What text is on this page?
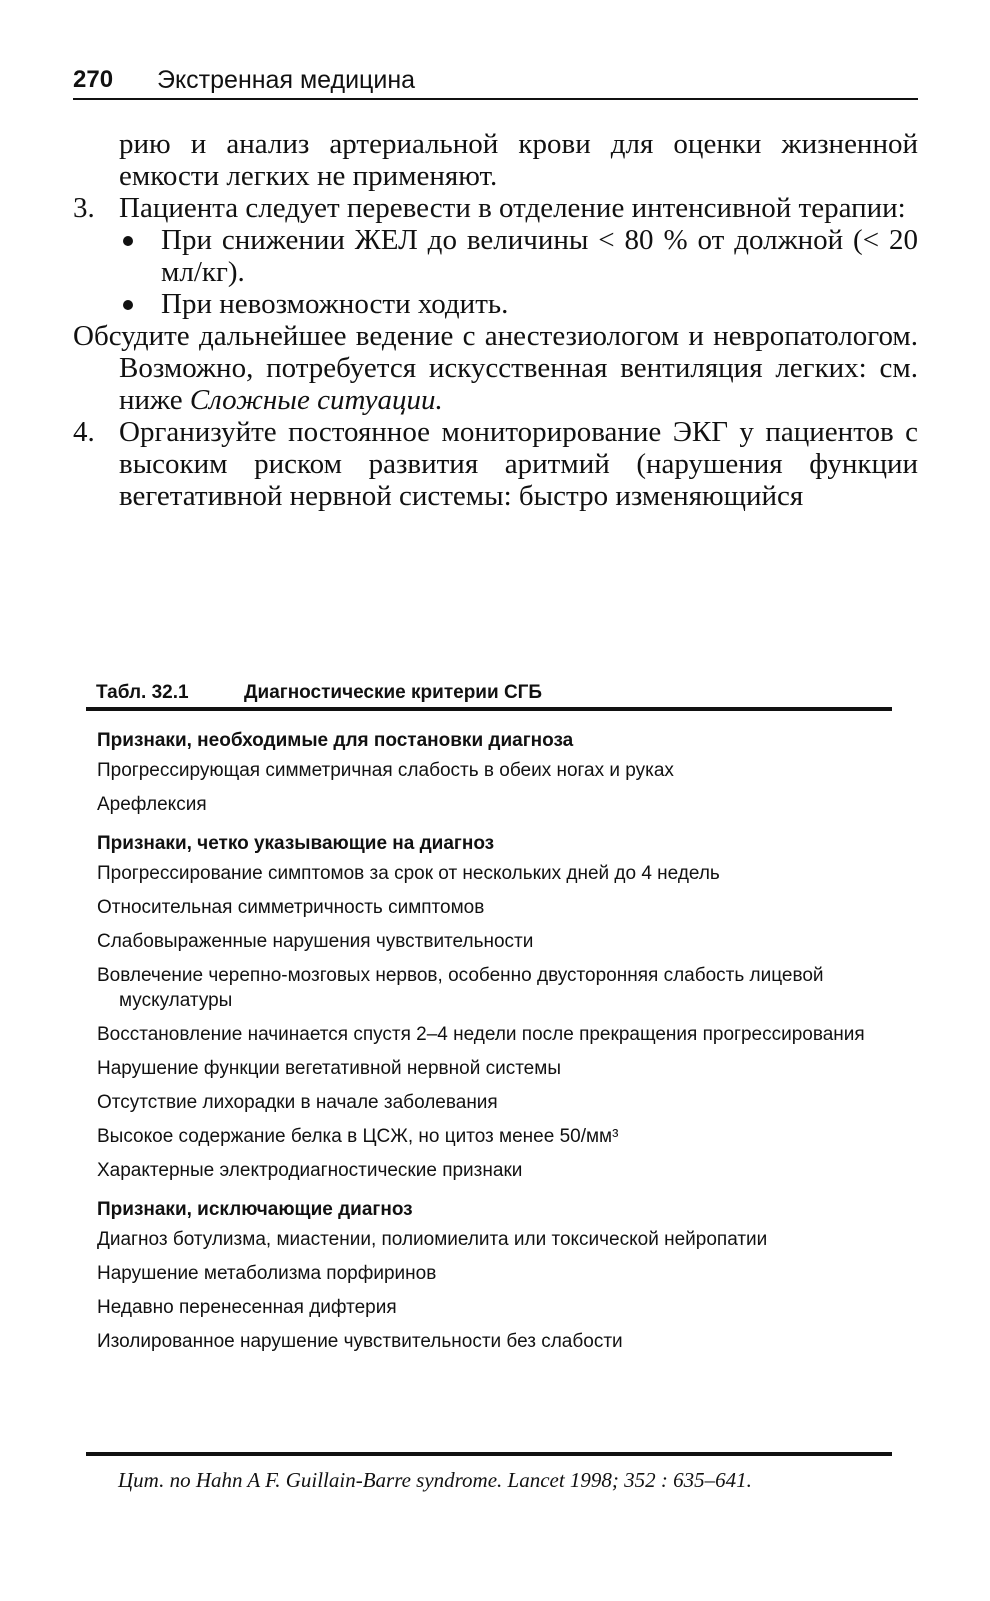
270 Экстренная медицина
рию и анализ артериальной крови для оценки жизненной емкости легких не применяют.
3. Пациента следует перевести в отделение интенсивной терапии:
При снижении ЖЕЛ до величины < 80 % от должной (< 20 мл/кг).
При невозможности ходить.
Обсудите дальнейшее ведение с анестезиологом и невропатологом. Возможно, потребуется искусственная вентиляция легких: см. ниже Сложные ситуации.
4. Организуйте постоянное мониторирование ЭКГ у пациентов с высоким риском развития аритмий (нарушения функции вегетативной нервной системы: быстро изменяющийся
Табл. 32.1	Диагностические критерии СГБ
Признаки, необходимые для постановки диагноза
Прогрессирующая симметричная слабость в обеих ногах и руках
Арефлексия
Признаки, четко указывающие на диагноз
Прогрессирование симптомов за срок от нескольких дней до 4 недель
Относительная симметричность симптомов
Слабовыраженные нарушения чувствительности
Вовлечение черепно-мозговых нервов, особенно двусторонняя слабость лицевой мускулатуры
Восстановление начинается спустя 2–4 недели после прекращения прогрессирования
Нарушение функции вегетативной нервной системы
Отсутствие лихорадки в начале заболевания
Высокое содержание белка в ЦСЖ, но цитоз менее 50/мм³
Характерные электродиагностические признаки
Признаки, исключающие диагноз
Диагноз ботулизма, миастении, полиомиелита или токсической нейропатии
Нарушение метаболизма порфиринов
Недавно перенесенная дифтерия
Изолированное нарушение чувствительности без слабости
Цит. по Hahn A F. Guillain-Barre syndrome. Lancet 1998; 352 : 635–641.
